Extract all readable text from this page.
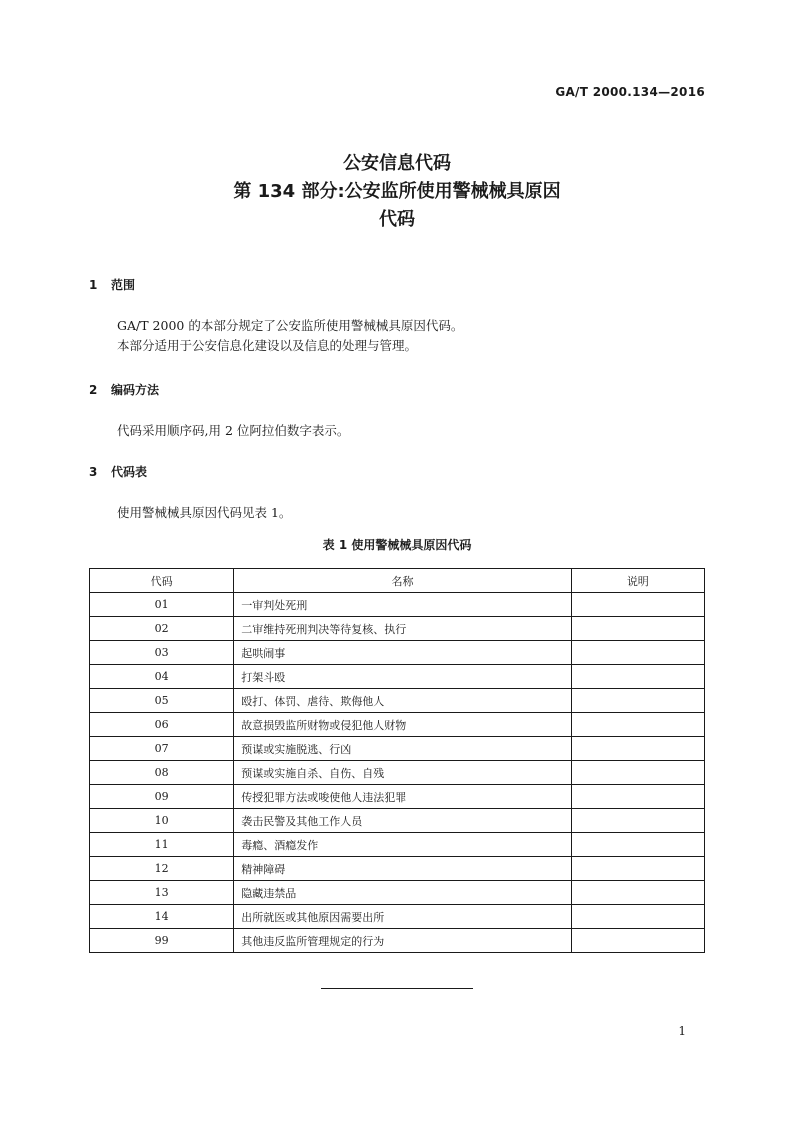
GA/T 2000.134—2016
公安信息代码
第 134 部分:公安监所使用警械械具原因
代码
1 范围
GA/T 2000 的本部分规定了公安监所使用警械械具原因代码。
本部分适用于公安信息化建设以及信息的处理与管理。
2 编码方法
代码采用顺序码,用 2 位阿拉伯数字表示。
3 代码表
使用警械械具原因代码见表 1。
表 1 使用警械械具原因代码
代码	名称	说明
01	一审判处死刑	
02	二审维持死刑判决等待复核、执行	
03	起哄闹事	
04	打架斗殴	
05	殴打、体罚、虐待、欺侮他人	
06	故意损毁监所财物或侵犯他人财物	
07	预谋或实施脱逃、行凶	
08	预谋或实施自杀、自伤、自残	
09	传授犯罪方法或唆使他人违法犯罪	
10	袭击民警及其他工作人员	
11	毒瘾、酒瘾发作	
12	精神障碍	
13	隐藏违禁品	
14	出所就医或其他原因需要出所	
99	其他违反监所管理规定的行为	
1
